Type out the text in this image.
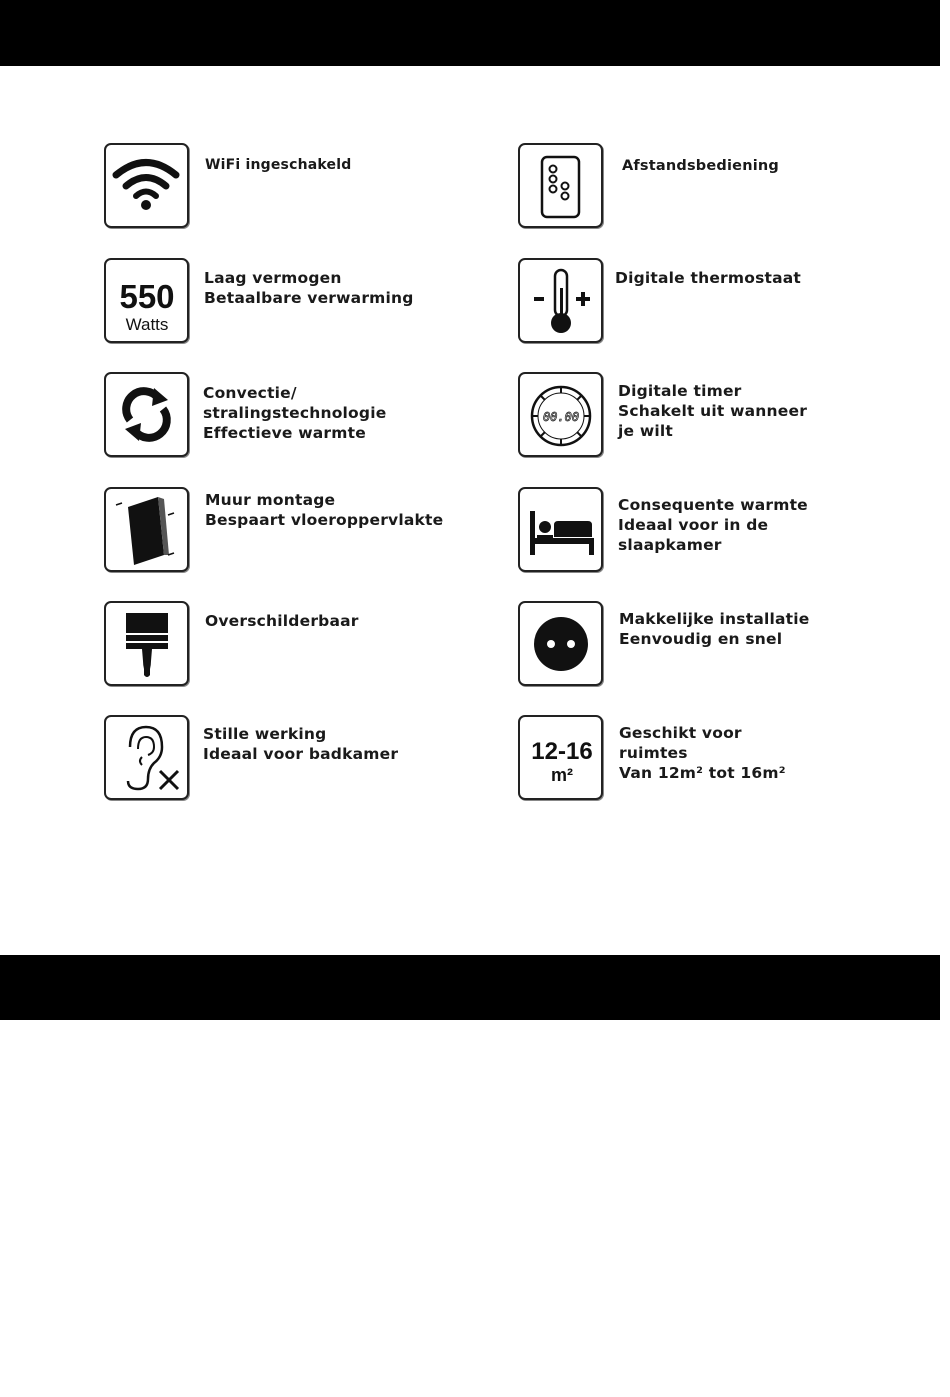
WiFi ingeschakeld	Afstandsbediening
550
Watts
Laag vermogen
Betaalbare verwarming
Digitale thermostaat
Convectie/
stralingstechnologie
Effectieve warmte
00.00
Digitale timer
Schakelt uit wanneer
je wilt
Muur montage
Bespaart vloeroppervlakte
Consequente warmte
Ideaal voor in de
slaapkamer
Overschilderbaar	Makkelijke installatie
Eenvoudig en snel
Stille werking
Ideaal voor badkamer	12-16
m²
Geschikt voor
ruimtes
Van 12m² tot 16m²
